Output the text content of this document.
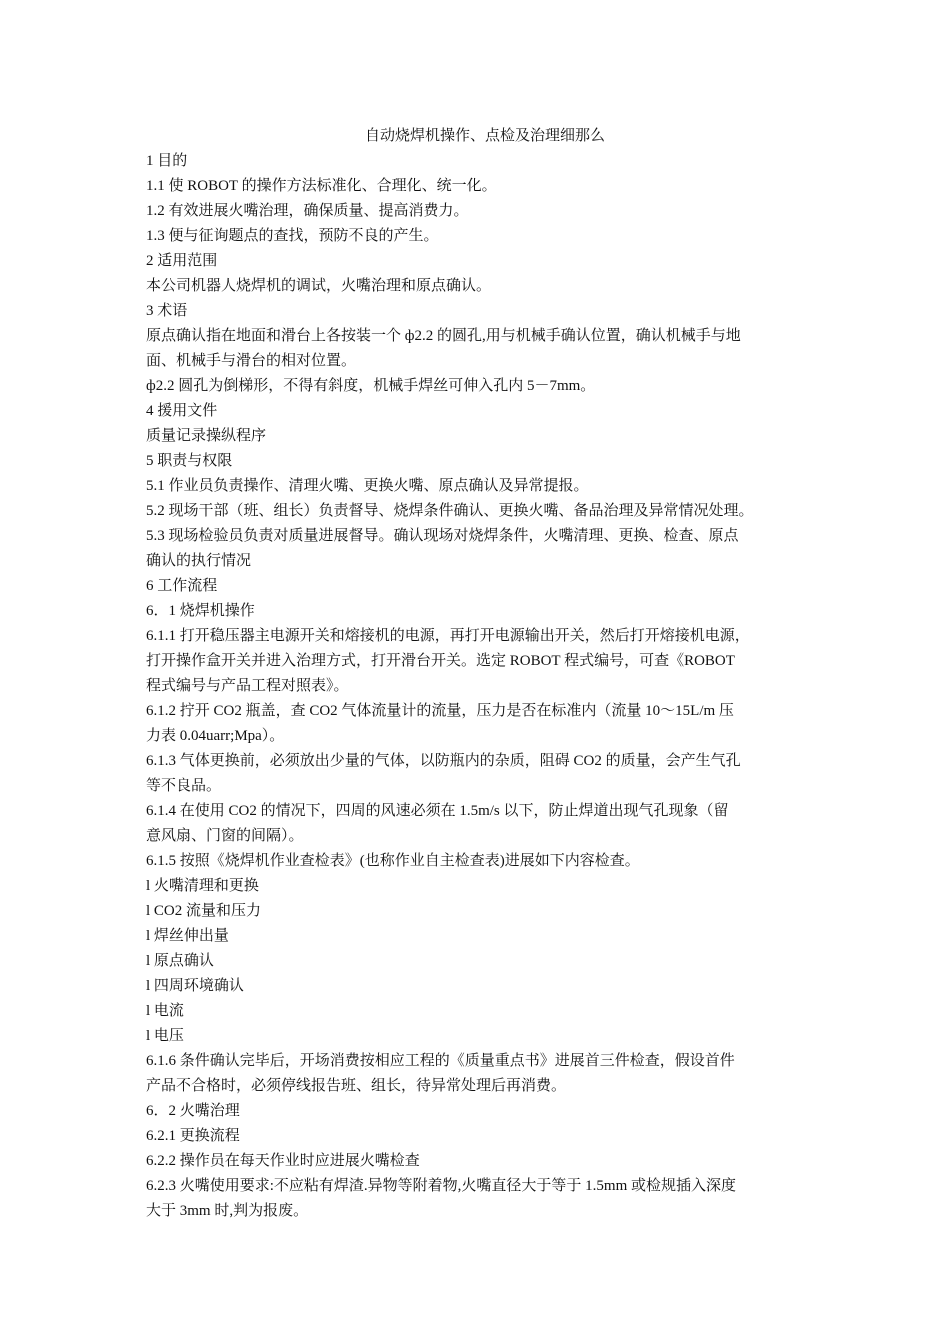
自动烧焊机操作、点检及治理细那么

1 目的

1.1 使 ROBOT 的操作方法标准化、合理化、统一化。

1.2 有效进展火嘴治理，确保质量、提高消费力。

1.3 便与征询题点的查找，预防不良的产生。

2 适用范围

本公司机器人烧焊机的调试，火嘴治理和原点确认。

3 术语

原点确认指在地面和滑台上各按装一个 ф2.2 的圆孔,用与机械手确认位置，确认机械手与地

面、机械手与滑台的相对位置。

ф2.2 圆孔为倒梯形，不得有斜度，机械手焊丝可伸入孔内 5－7mm。

4 援用文件

质量记录操纵程序

5 职责与权限

5.1 作业员负责操作、清理火嘴、更换火嘴、原点确认及异常提报。

5.2 现场干部（班、组长）负责督导、烧焊条件确认、更换火嘴、备品治理及异常情况处理。

5.3 现场检验员负责对质量进展督导。确认现场对烧焊条件，火嘴清理、更换、检查、原点

确认的执行情况

6 工作流程

6．1 烧焊机操作

6.1.1 打开稳压器主电源开关和熔接机的电源，再打开电源输出开关，然后打开熔接机电源，

打开操作盒开关并进入治理方式，打开滑台开关。选定 ROBOT 程式编号，可查《ROBOT

程式编号与产品工程对照表》。

6.1.2 拧开 CO2 瓶盖，查 CO2 气体流量计的流量，压力是否在标准内（流量 10～15L/m 压

力表 0.04uarr;Mpa）。

6.1.3 气体更换前，必须放出少量的气体，以防瓶内的杂质，阻碍 CO2 的质量，会产生气孔

等不良品。

6.1.4 在使用 CO2 的情况下，四周的风速必须在 1.5m/s 以下，防止焊道出现气孔现象（留

意风扇、门窗的间隔）。

6.1.5 按照《烧焊机作业查检表》(也称作业自主检查表)进展如下内容检查。

l 火嘴清理和更换

l CO2 流量和压力

l 焊丝伸出量

l 原点确认

l 四周环境确认

l 电流

l 电压

6.1.6 条件确认完毕后，开场消费按相应工程的《质量重点书》进展首三件检查，假设首件

产品不合格时，必须停线报告班、组长，待异常处理后再消费。

6．2 火嘴治理

6.2.1 更换流程

6.2.2 操作员在每天作业时应进展火嘴检查

6.2.3 火嘴使用要求:不应粘有焊渣.异物等附着物,火嘴直径大于等于 1.5mm 或检规插入深度

大于 3mm 时,判为报废。
